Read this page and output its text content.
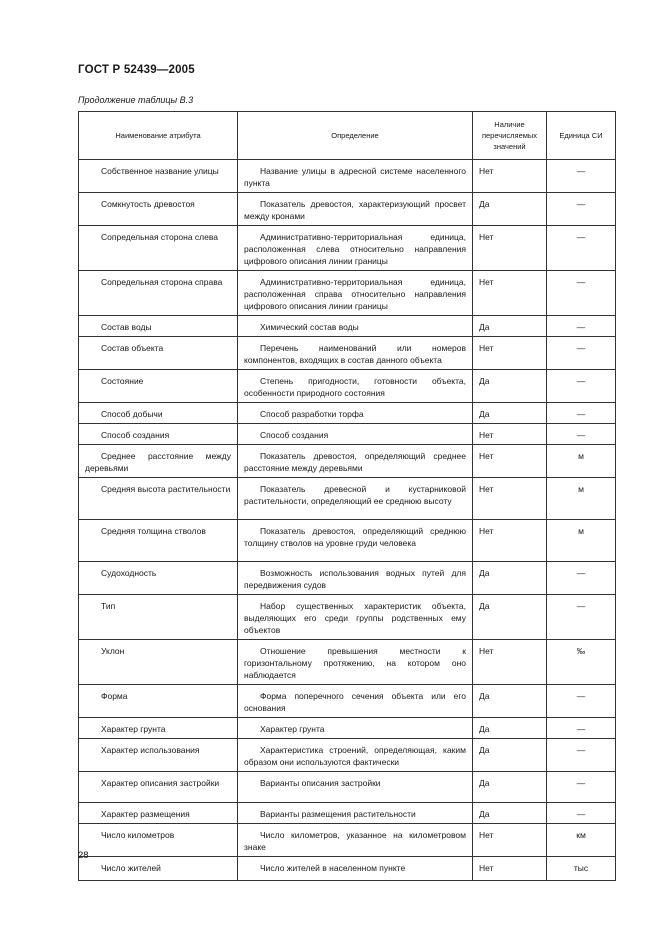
ГОСТ Р 52439—2005
Продолжение таблицы В.3
Наименование атрибута	Определение	Наличие перечисляемых значений	Единица СИ

Собственное название улицы	Название улицы в адресной системе населенного пункта	Нет	—

Сомкнутость древостоя	Показатель древостоя, характеризующий просвет между кронами	Да	—

Сопредельная сторона слева	Административно-территориальная единица, расположенная слева относительно направления цифрового описания линии границы	Нет	—

Сопредельная сторона справа	Административно-территориальная единица, расположенная справа относительно направления цифрового описания линии границы	Нет	—

Состав воды	Химический состав воды	Да	—

Состав объекта	Перечень наименований или номеров компонентов, входящих в состав данного объекта	Нет	—

Состояние	Степень пригодности, готовности объекта, особенности природного состояния	Да	—

Способ добычи	Способ разработки торфа	Да	—

Способ создания	Способ создания	Нет	—

Среднее расстояние между деревьями	Показатель древостоя, определяющий среднее расстояние между деревьями	Нет	м

Средняя высота растительности	Показатель древесной и кустарниковой растительности, определяющий ее среднюю высоту	Нет	м

Средняя толщина стволов	Показатель древостоя, определяющий среднюю толщину стволов на уровне груди человека	Нет	м

Судоходность	Возможность использования водных путей для передвижения судов	Да	—

Тип	Набор существенных характеристик объекта, выделяющих его среди группы родственных ему объектов	Да	—

Уклон	Отношение превышения местности к горизонтальному протяжению, на котором оно наблюдается	Нет	‰

Форма	Форма поперечного сечения объекта или его основания	Да	—

Характер грунта	Характер грунта	Да	—

Характер использования	Характеристика строений, определяющая, каким образом они используются фактически	Да	—

Характер описания застройки	Варианты описания застройки	Да	—

Характер размещения	Варианты размещения растительности	Да	—

Число километров	Число километров, указанное на километровом знаке	Нет	км

Число жителей	Число жителей в населенном пункте	Нет	тыс
28
